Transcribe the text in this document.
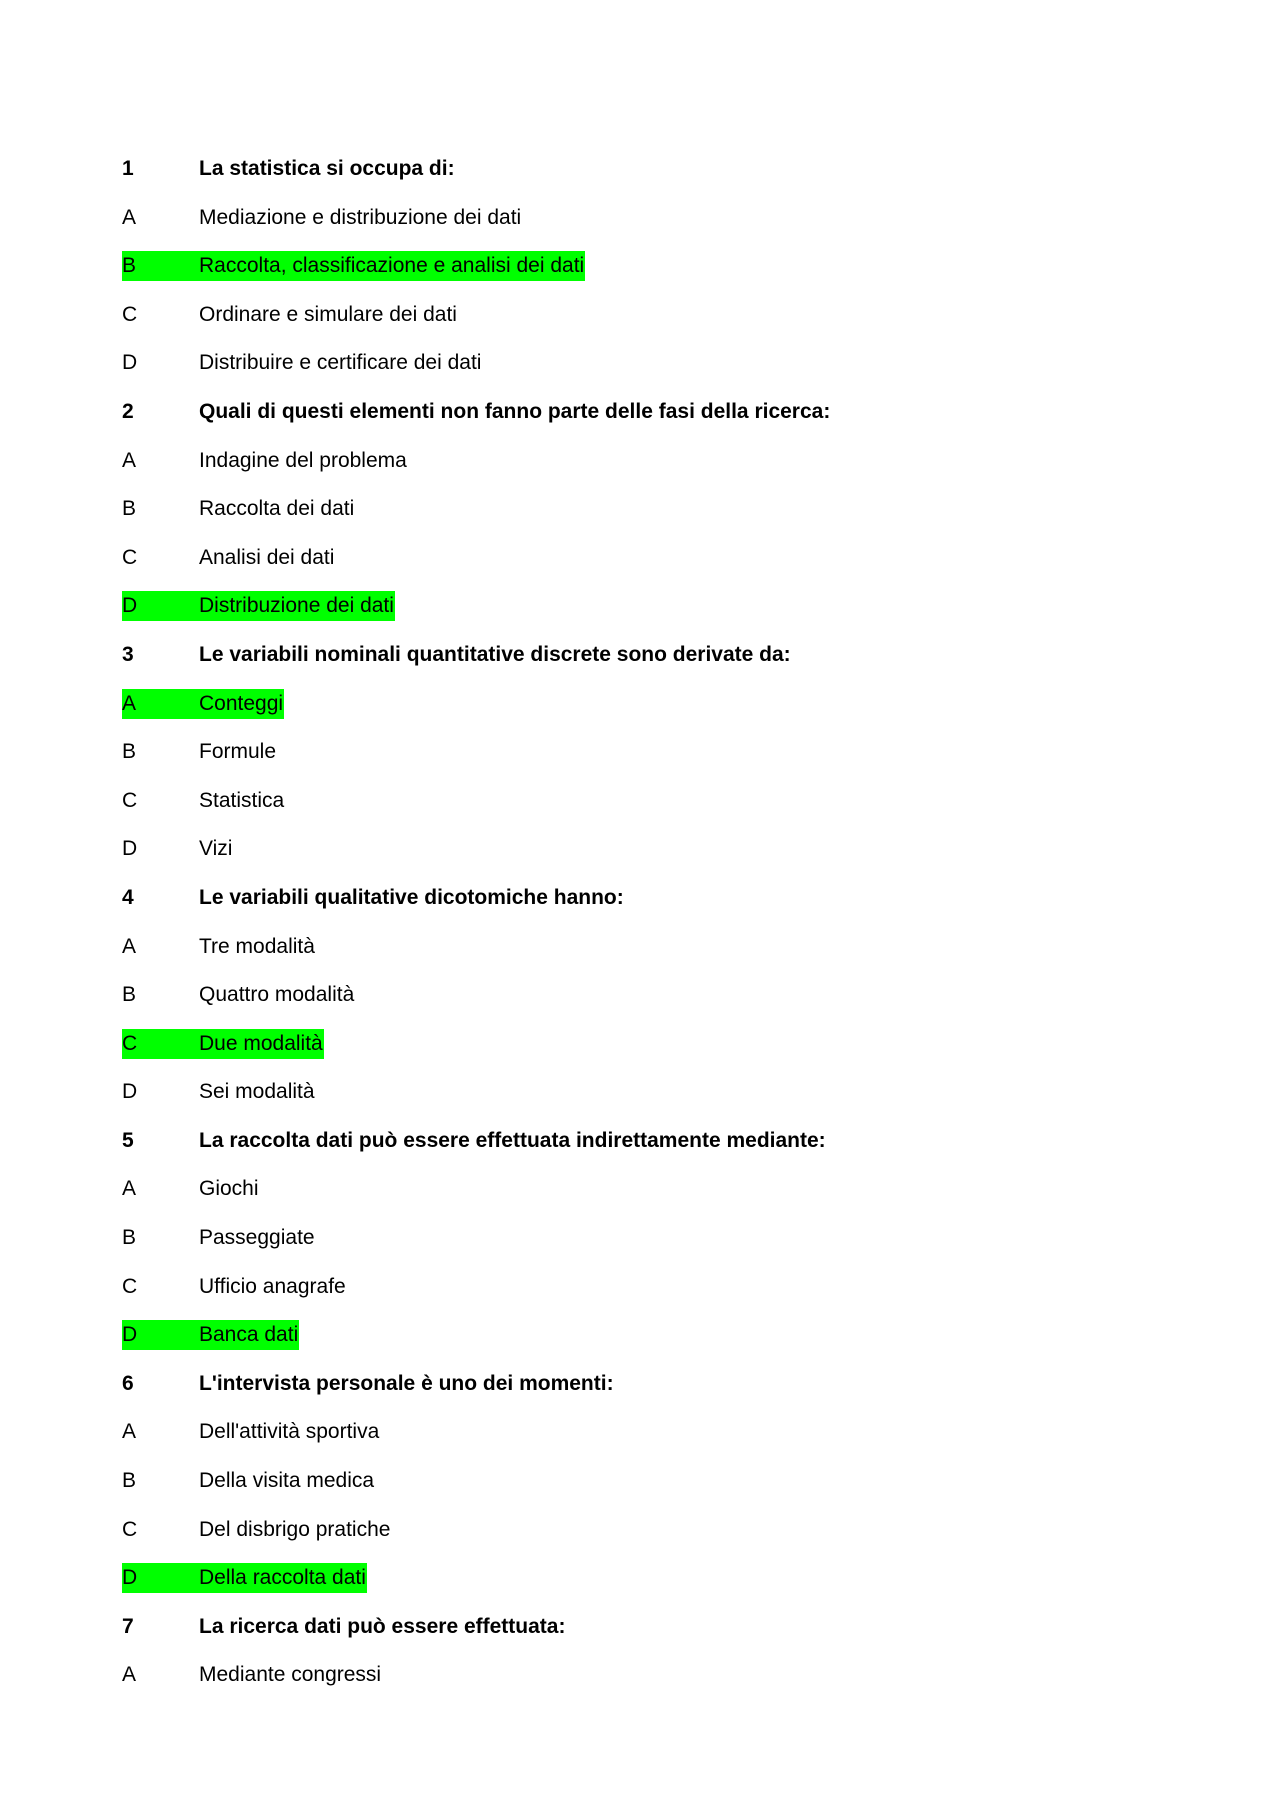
1	La statistica si occupa di:
A	Mediazione e distribuzione dei dati
B	Raccolta, classificazione e analisi dei dati
C	Ordinare e simulare dei dati
D	Distribuire e certificare dei dati
2	Quali di questi elementi non fanno parte delle fasi della ricerca:
A	Indagine del problema
B	Raccolta dei dati
C	Analisi dei dati
D	Distribuzione dei dati
3	Le variabili nominali quantitative discrete sono derivate da:
A	Conteggi
B	Formule
C	Statistica
D	Vizi
4	Le variabili qualitative dicotomiche hanno:
A	Tre modalità
B	Quattro modalità
C	Due modalità
D	Sei modalità
5	La raccolta dati può essere effettuata indirettamente mediante:
A	Giochi
B	Passeggiate
C	Ufficio anagrafe
D	Banca dati
6	L'intervista personale è uno dei momenti:
A	Dell'attività sportiva
B	Della visita medica
C	Del disbrigo pratiche
D	Della raccolta dati
7	La ricerca dati può essere effettuata:
A	Mediante congressi
